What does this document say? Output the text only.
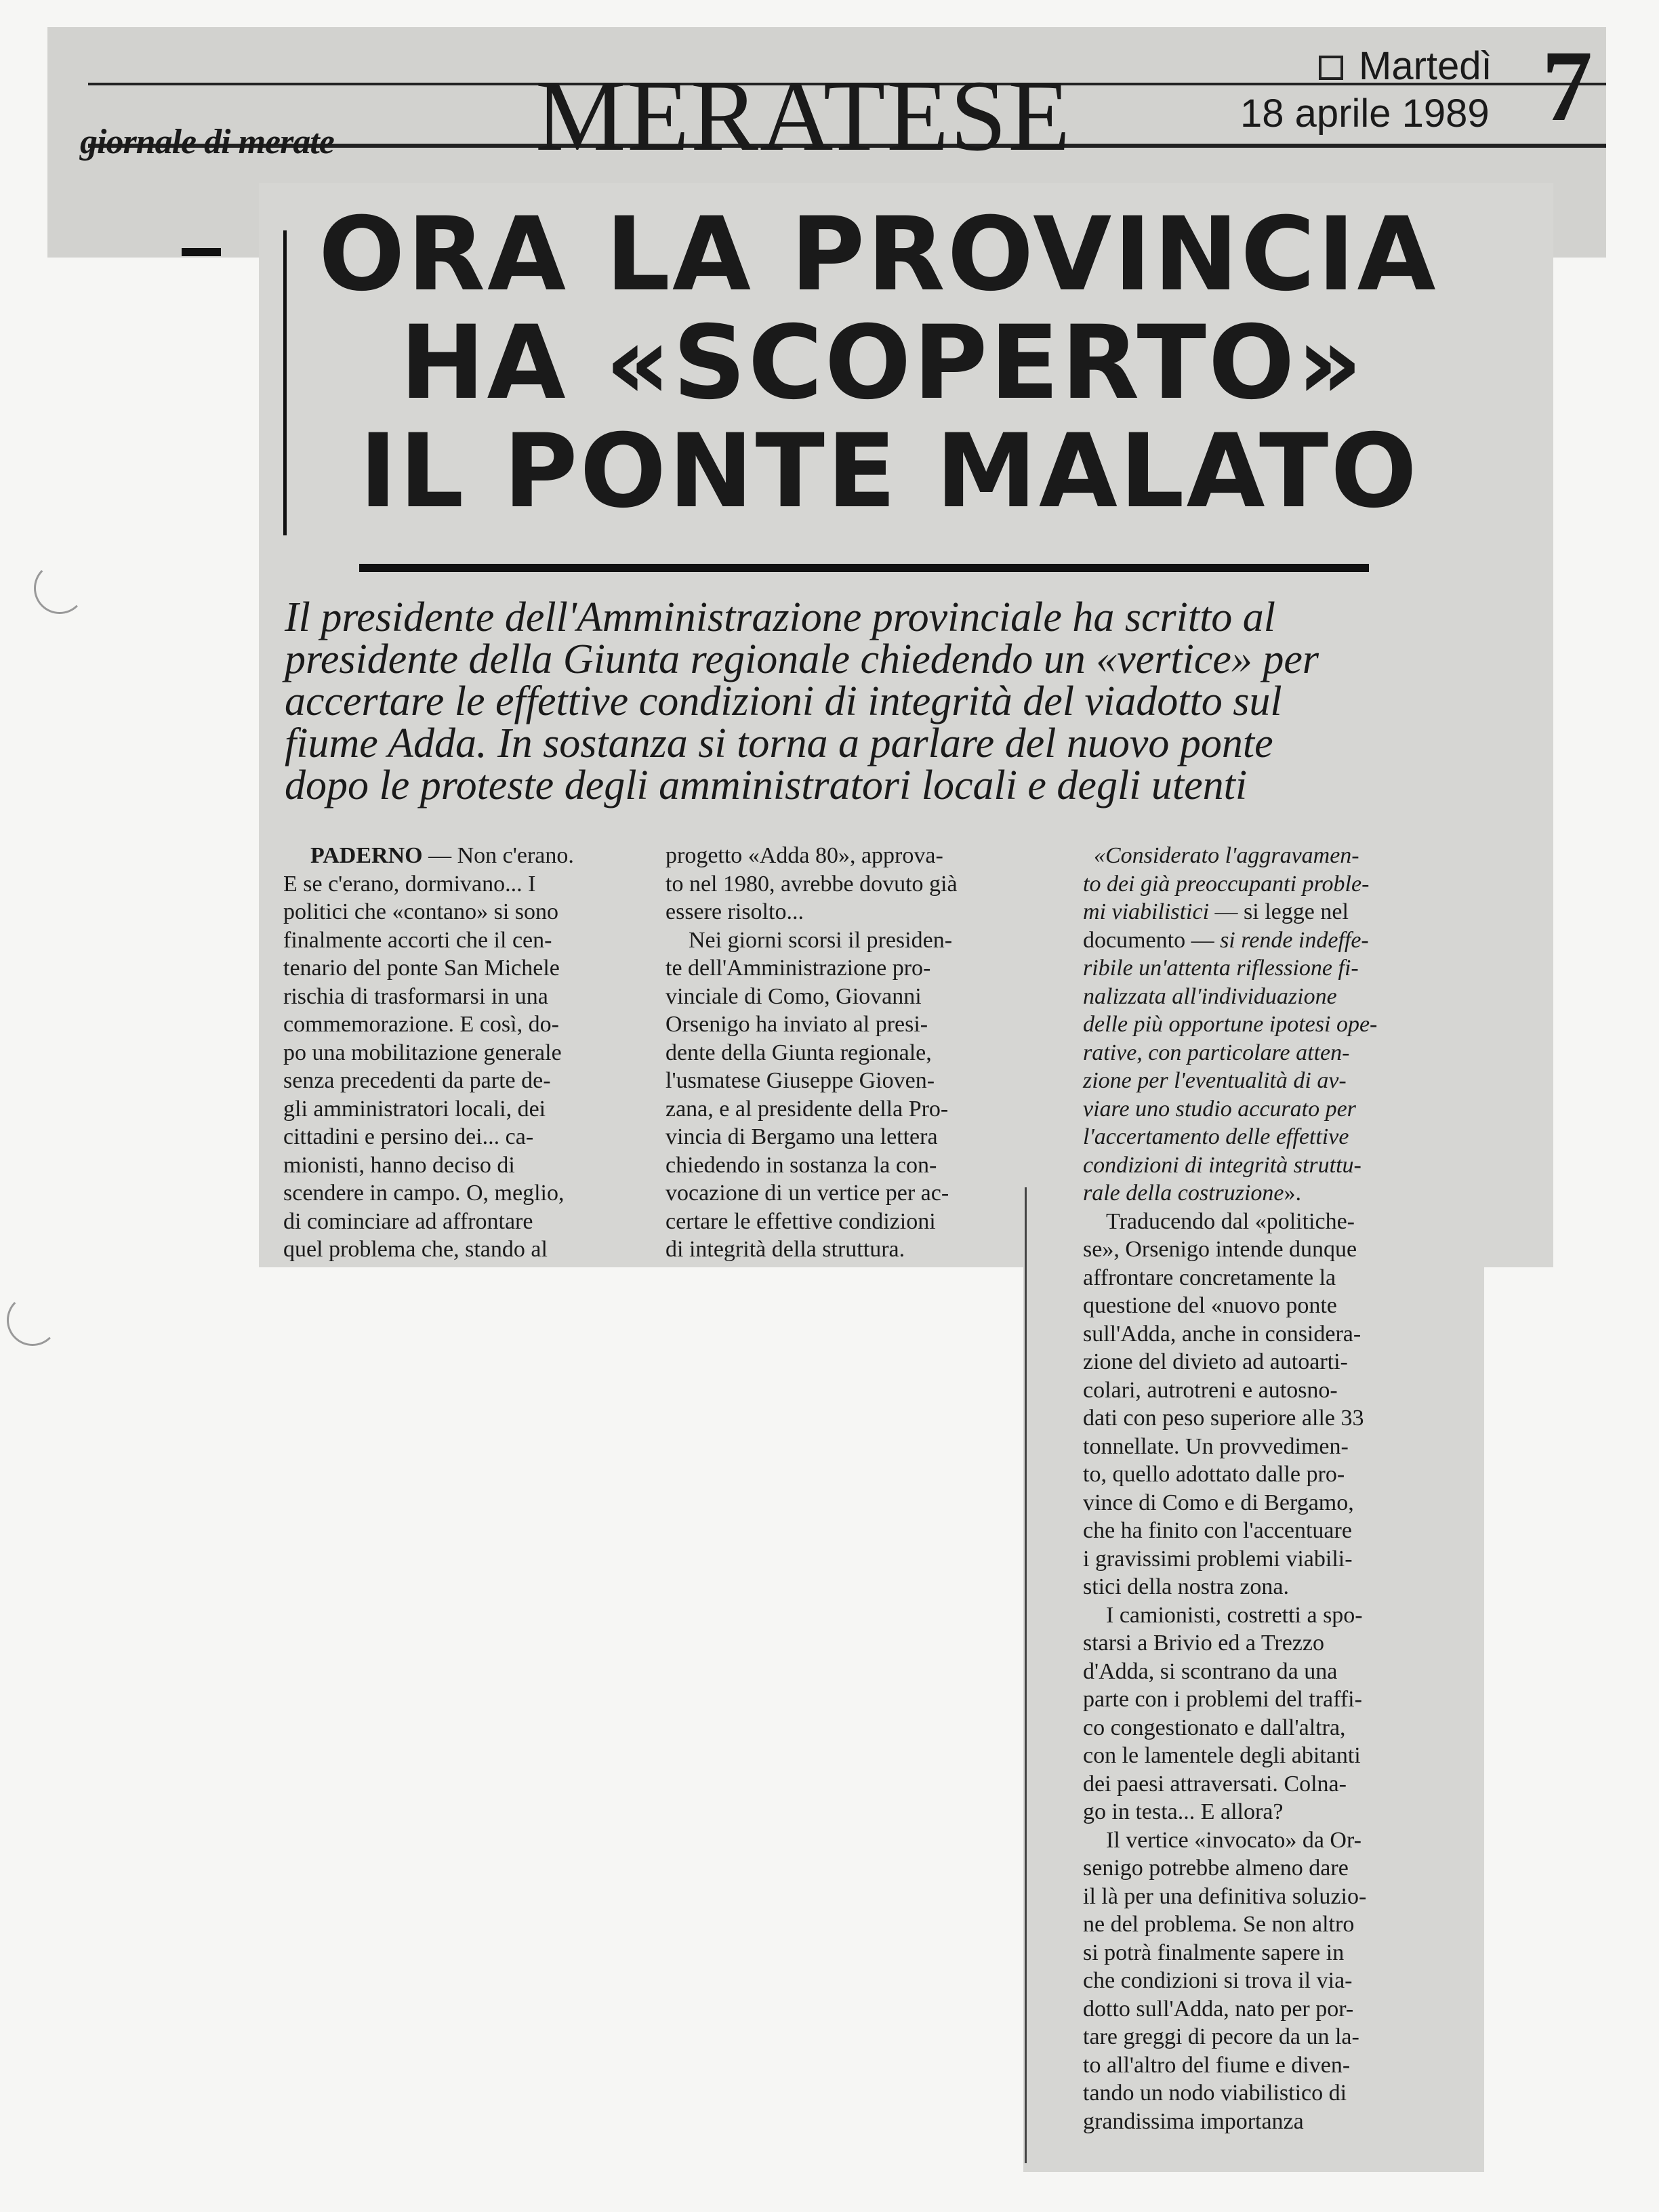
giornale di merate MERATESE	Martedì
18 aprile 1989 7
ORA LA PROVINCIA
HA «SCOPERTO»
IL PONTE MALATO
Il presidente dell'Amministrazione provinciale ha scritto al
presidente della Giunta regionale chiedendo un «vertice» per
accertare le effettive condizioni di integrità del viadotto sul
fiume Adda. In sostanza si torna a parlare del nuovo ponte
dopo le proteste degli amministratori locali e degli utenti

PADERNO — Non c'erano.

E se c'erano, dormivano... I

politici che «contano» si sono

finalmente accorti che il cen-

tenario del ponte San Michele

rischia di trasformarsi in una

commemorazione. E così, do-

po una mobilitazione generale

senza precedenti da parte de-

gli amministratori locali, dei

cittadini e persino dei... ca-

mionisti, hanno deciso di

scendere in campo. O, meglio,

di cominciare ad affrontare

quel problema che, stando al

progetto «Adda 80», approva-

to nel 1980, avrebbe dovuto già

essere risolto...

Nei giorni scorsi il presiden-

te dell'Amministrazione pro-

vinciale di Como, Giovanni

Orsenigo ha inviato al presi-

dente della Giunta regionale,

l'usmatese Giuseppe Gioven-

zana, e al presidente della Pro-

vincia di Bergamo una lettera

chiedendo in sostanza la con-

vocazione di un vertice per ac-

certare le effettive condizioni

di integrità della struttura.

«Considerato l'aggravamen-

to dei già preoccupanti proble-

mi viabilistici — si legge nel

documento — si rende indeffe-

ribile un'attenta riflessione fi-

nalizzata all'individuazione

delle più opportune ipotesi ope-

rative, con particolare atten-

zione per l'eventualità di av-

viare uno studio accurato per

l'accertamento delle effettive

condizioni di integrità struttu-

rale della costruzione».

Traducendo dal «politiche-

se», Orsenigo intende dunque

affrontare concretamente la

questione del «nuovo ponte

sull'Adda, anche in considera-

zione del divieto ad autoarti-

colari, autrotreni e autosno-

dati con peso superiore alle 33

tonnellate. Un provvedimen-

to, quello adottato dalle pro-

vince di Como e di Bergamo,

che ha finito con l'accentuare

i gravissimi problemi viabili-

stici della nostra zona.

I camionisti, costretti a spo-

starsi a Brivio ed a Trezzo

d'Adda, si scontrano da una

parte con i problemi del traffi-

co congestionato e dall'altra,

con le lamentele degli abitanti

dei paesi attraversati. Colna-

go in testa... E allora?

Il vertice «invocato» da Or-

senigo potrebbe almeno dare

il là per una definitiva soluzio-

ne del problema. Se non altro

si potrà finalmente sapere in

che condizioni si trova il via-

dotto sull'Adda, nato per por-

tare greggi di pecore da un la-

to all'altro del fiume e diven-

tando un nodo viabilistico di

grandissima importanza
